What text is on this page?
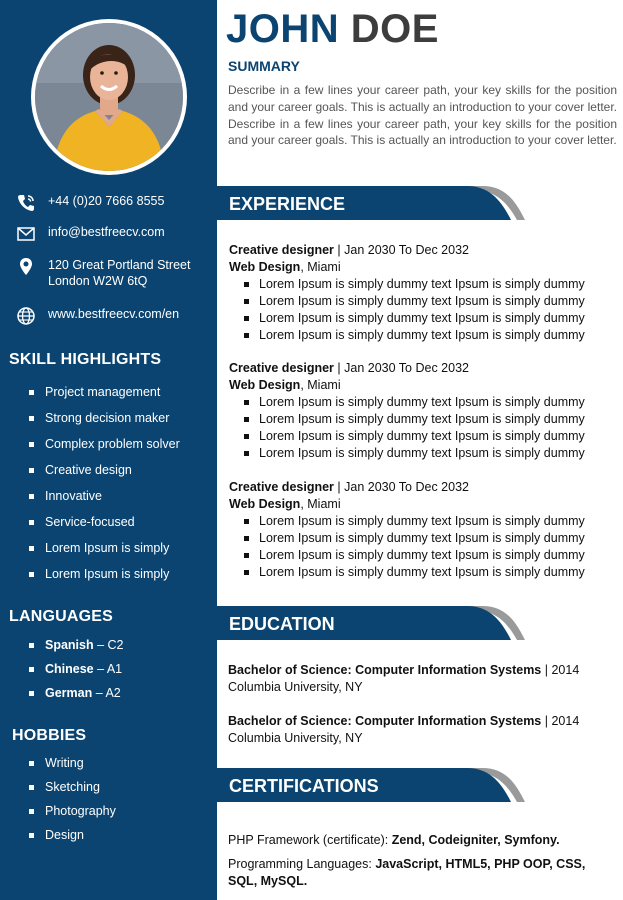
+44 (0)20 7666 8555
info@bestfreecv.com
120 Great Portland Street
London W2W 6tQ
www.bestfreecv.com/en
SKILL HIGHLIGHTS
Project management
Strong decision maker
Complex problem solver
Creative design
Innovative
Service-focused
Lorem Ipsum is simply
Lorem Ipsum is simply
LANGUAGES
Spanish – C2
Chinese – A1
German – A2
HOBBIES
Writing
Sketching
Photography
Design
JOHN DOE
SUMMARY
Describe in a few lines your career path, your key skills for the position and your career goals. This is actually an introduction to your cover letter. Describe in a few lines your career path, your key skills for the position and your career goals. This is actually an introduction to your cover letter.
EXPERIENCE
Creative designer | Jan 2030 To Dec 2032
Web Design, Miami
Lorem Ipsum is simply dummy text Ipsum is simply dummy
Lorem Ipsum is simply dummy text Ipsum is simply dummy
Lorem Ipsum is simply dummy text Ipsum is simply dummy
Lorem Ipsum is simply dummy text Ipsum is simply dummy
Creative designer | Jan 2030 To Dec 2032
Web Design, Miami
Lorem Ipsum is simply dummy text Ipsum is simply dummy
Lorem Ipsum is simply dummy text Ipsum is simply dummy
Lorem Ipsum is simply dummy text Ipsum is simply dummy
Lorem Ipsum is simply dummy text Ipsum is simply dummy
Creative designer | Jan 2030 To Dec 2032
Web Design, Miami
Lorem Ipsum is simply dummy text Ipsum is simply dummy
Lorem Ipsum is simply dummy text Ipsum is simply dummy
Lorem Ipsum is simply dummy text Ipsum is simply dummy
Lorem Ipsum is simply dummy text Ipsum is simply dummy
EDUCATION
Bachelor of Science: Computer Information Systems | 2014
Columbia University, NY
Bachelor of Science: Computer Information Systems | 2014
Columbia University, NY
CERTIFICATIONS
PHP Framework (certificate): Zend, Codeigniter, Symfony.
Programming Languages: JavaScript, HTML5, PHP OOP, CSS, SQL, MySQL.
